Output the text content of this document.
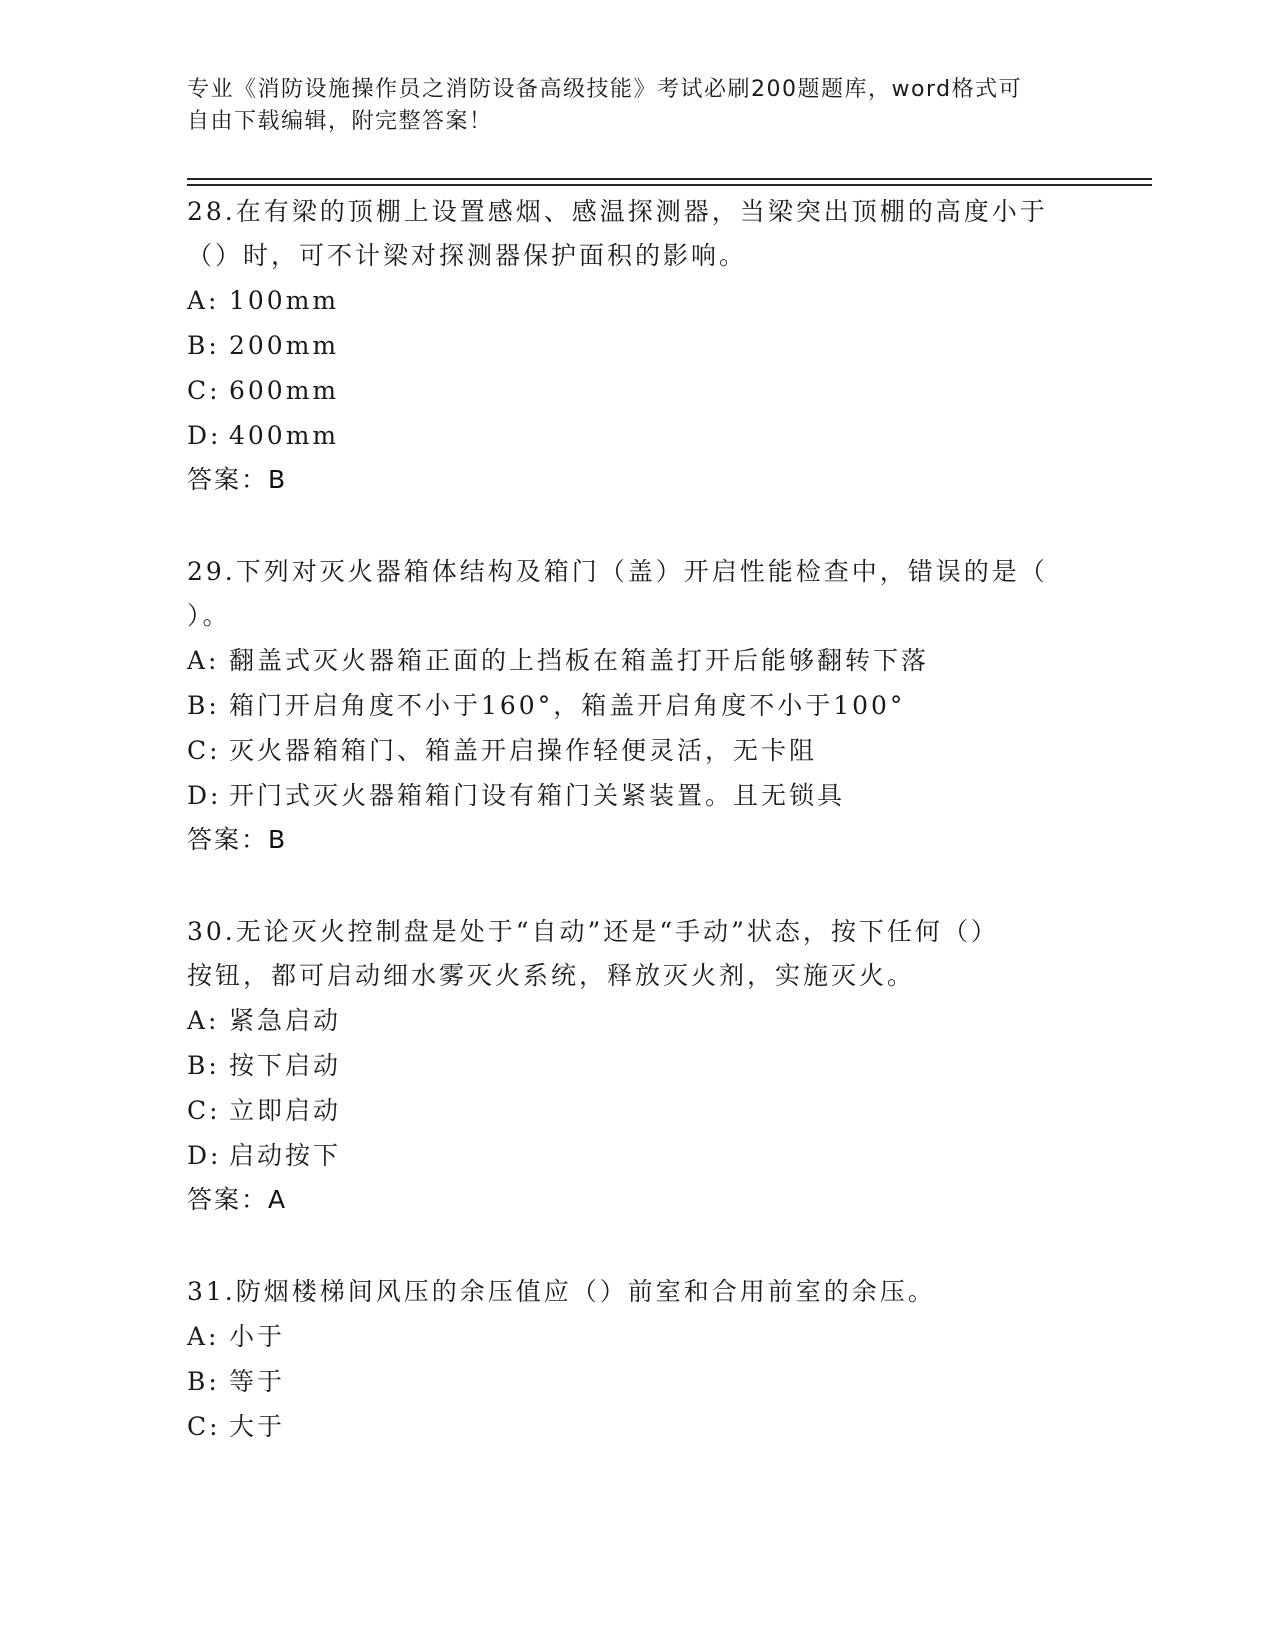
专业《消防设施操作员之消防设备高级技能》考试必刷200题题库，word格式可
自由下载编辑，附完整答案！

28.在有梁的顶棚上设置感烟、感温探测器，当梁突出顶棚的高度小于

（）时，可不计梁对探测器保护面积的影响。

A: 100mm
B: 200mm
C: 600mm
D: 400mm

答案：B

29.下列对灭火器箱体结构及箱门（盖）开启性能检查中，错误的是（

）。

A: 翻盖式灭火器箱正面的上挡板在箱盖打开后能够翻转下落
B: 箱门开启角度不小于160°，箱盖开启角度不小于100°
C: 灭火器箱箱门、箱盖开启操作轻便灵活，无卡阻
D: 开门式灭火器箱箱门设有箱门关紧装置。且无锁具

答案：B

30.无论灭火控制盘是处于“自动”还是“手动”状态，按下任何（）

按钮，都可启动细水雾灭火系统，释放灭火剂，实施灭火。

A: 紧急启动
B: 按下启动
C: 立即启动
D: 启动按下

答案：A

31.防烟楼梯间风压的余压值应（）前室和合用前室的余压。

A: 小于
B: 等于
C: 大于
